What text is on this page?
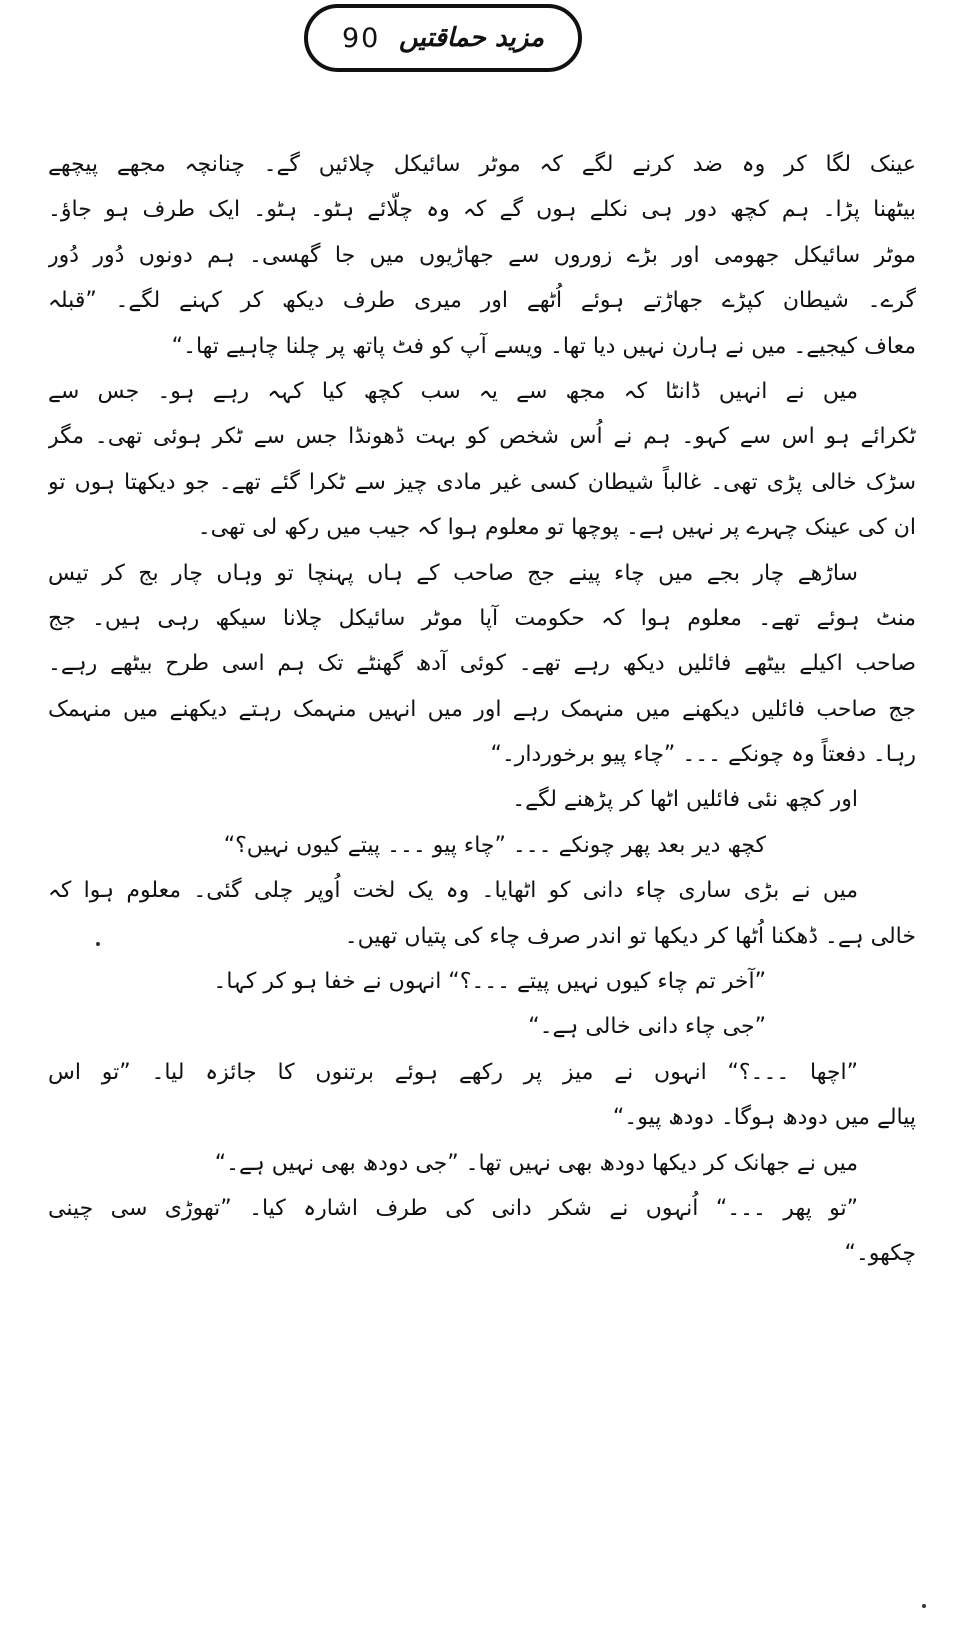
90 مزید حماقتیں
عینک لگا کر وہ ضد کرنے لگے کہ موٹر سائیکل چلائیں گے۔ چنانچہ مجھے پیچھے
بیٹھنا پڑا۔ ہم کچھ دور ہی نکلے ہوں گے کہ وہ چلّائے ہٹو۔ ہٹو۔ ایک طرف ہو جاؤ۔
موٹر سائیکل جھومی اور بڑے زوروں سے جھاڑیوں میں جا گھسی۔ ہم دونوں دُور دُور
گرے۔ شیطان کپڑے جھاڑتے ہوئے اُٹھے اور میری طرف دیکھ کر کہنے لگے۔ ”قبلہ
معاف کیجیے۔ میں نے ہارن نہیں دیا تھا۔ ویسے آپ کو فٹ پاتھ پر چلنا چاہیے تھا۔“
میں نے انہیں ڈانٹا کہ مجھ سے یہ سب کچھ کیا کہہ رہے ہو۔ جس سے
ٹکرائے ہو اس سے کہو۔ ہم نے اُس شخص کو بہت ڈھونڈا جس سے ٹکر ہوئی تھی۔ مگر
سڑک خالی پڑی تھی۔ غالباً شیطان کسی غیر مادی چیز سے ٹکرا گئے تھے۔ جو دیکھتا ہوں تو
ان کی عینک چہرے پر نہیں ہے۔ پوچھا تو معلوم ہوا کہ جیب میں رکھ لی تھی۔
ساڑھے چار بجے میں چاء پینے جج صاحب کے ہاں پہنچا تو وہاں چار بج کر تیس
منٹ ہوئے تھے۔ معلوم ہوا کہ حکومت آپا موٹر سائیکل چلانا سیکھ رہی ہیں۔ جج
صاحب اکیلے بیٹھے فائلیں دیکھ رہے تھے۔ کوئی آدھ گھنٹے تک ہم اسی طرح بیٹھے رہے۔
جج صاحب فائلیں دیکھنے میں منہمک رہے اور میں انہیں منہمک رہتے دیکھنے میں منہمک
رہا۔ دفعتاً وہ چونکے ۔۔۔ ”چاء پیو برخوردار۔“
اور کچھ نئی فائلیں اٹھا کر پڑھنے لگے۔
کچھ دیر بعد پھر چونکے ۔۔۔ ”چاء پیو ۔۔۔ پیتے کیوں نہیں؟“
میں نے بڑی ساری چاء دانی کو اٹھایا۔ وہ یک لخت اُوپر چلی گئی۔ معلوم ہوا کہ
خالی ہے۔ ڈھکنا اُٹھا کر دیکھا تو اندر صرف چاء کی پتیاں تھیں۔
”آخر تم چاء کیوں نہیں پیتے ۔۔۔؟“ انہوں نے خفا ہو کر کہا۔
”جی چاء دانی خالی ہے۔“
”اچھا ۔۔۔؟“ انہوں نے میز پر رکھے ہوئے برتنوں کا جائزہ لیا۔ ”تو اس
پیالے میں دودھ ہوگا۔ دودھ پیو۔“
میں نے جھانک کر دیکھا دودھ بھی نہیں تھا۔ ”جی دودھ بھی نہیں ہے۔“
”تو پھر ۔۔۔“ اُنہوں نے شکر دانی کی طرف اشارہ کیا۔ ”تھوڑی سی چینی
چکھو۔“
